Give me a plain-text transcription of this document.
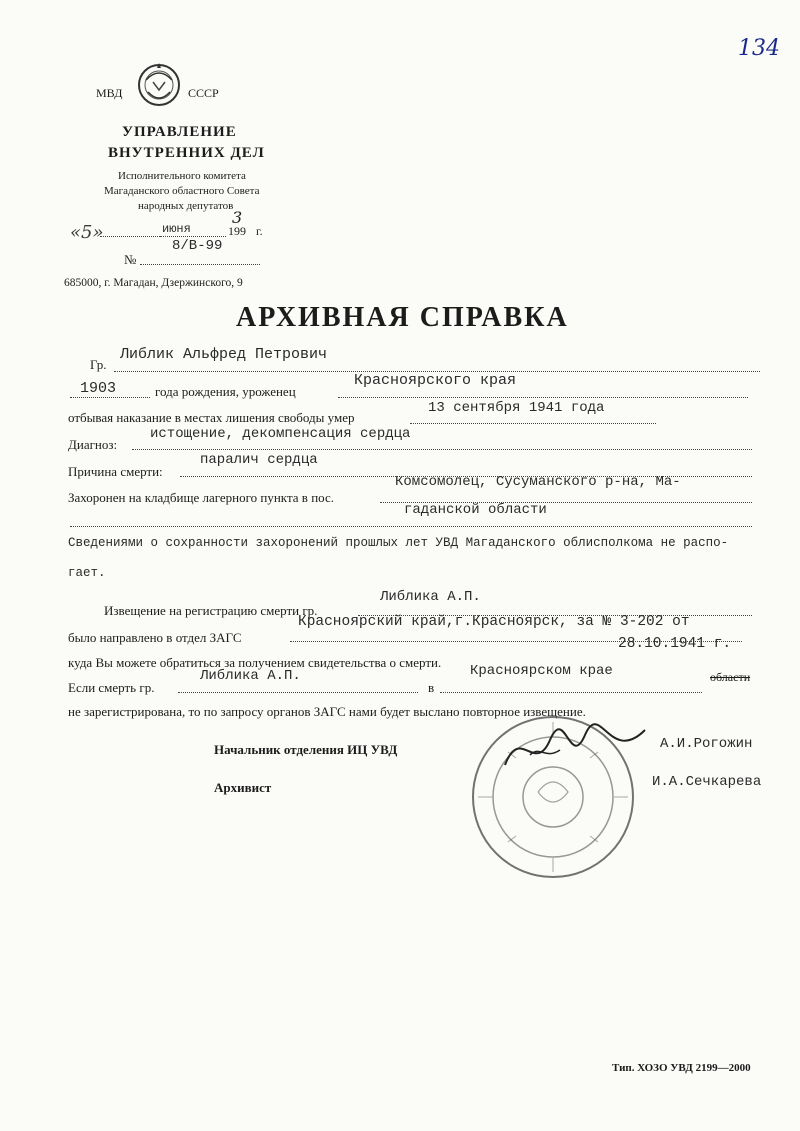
134
МВД	СССР
УПРАВЛЕНИЕ
ВНУТРЕННИХ ДЕЛ
Исполнительного комитета
Магаданского областного Совета
народных депутатов
«5»	июня	199
3
г.
№
8/В-99
685000, г. Магадан, Дзержинского, 9
АРХИВНАЯ СПРАВКА
Гр.
Либлик Альфред Петрович
1903	года рождения, уроженец
Красноярского края
отбывая наказание в местах лишения свободы умер
13 сентября 1941 года
Диагноз:
истощение, декомпенсация сердца
Причина смерти:
паралич сердца
Захоронен на кладбище лагерного пункта в пос.
Комсомолец, Сусуманского р-на, Ма-
гаданской области
Сведениями о сохранности захоронений прошлых лет УВД Магаданского облисполкома не распо-
гает.
Извещение на регистрацию смерти гр.
Либлика А.П.
было направлено в отдел ЗАГС
Красноярский край,г.Красноярск, за № 3-202 от
куда Вы можете обратиться за получением свидетельства о смерти.
28.10.1941 г.
Если смерть гр.
Либлика А.П.
в
Красноярском крае	области
не зарегистрирована, то по запросу органов ЗАГС нами будет выслано повторное извещение.
Начальник отделения ИЦ УВД	А.И.Рогожин
Архивист	И.А.Сечкарева
Тип. ХОЗО УВД 2199—2000
